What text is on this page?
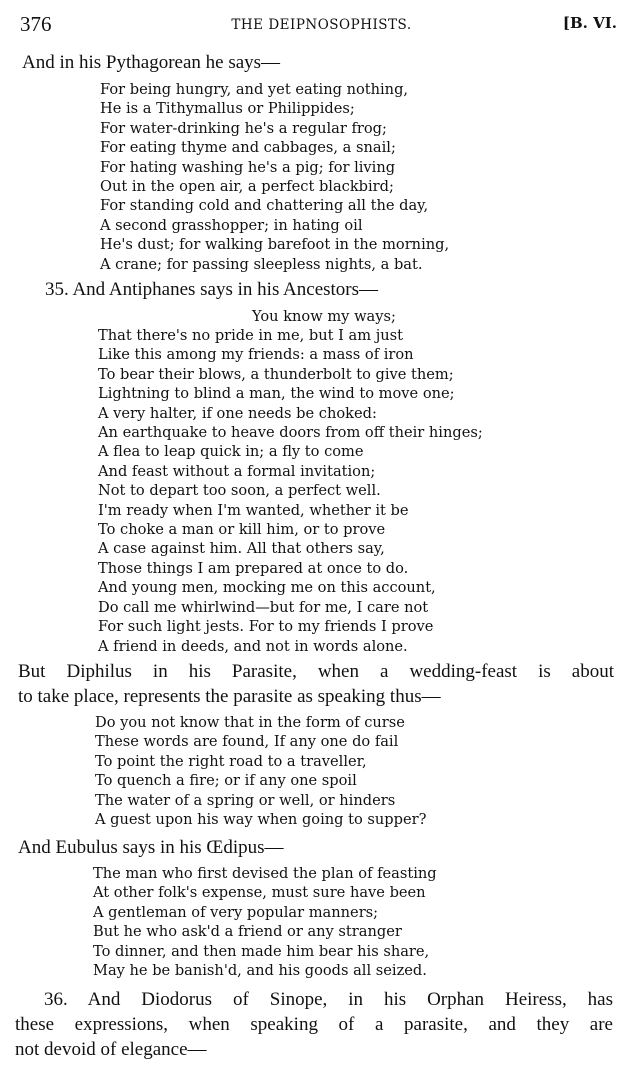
376	THE DEIPNOSOPHISTS.	[B. VI.
And in his Pythagorean he says—
For being hungry, and yet eating nothing,
He is a Tithymallus or Philippides;
For water-drinking he's a regular frog;
For eating thyme and cabbages, a snail;
For hating washing he's a pig; for living
Out in the open air, a perfect blackbird;
For standing cold and chattering all the day,
A second grasshopper; in hating oil
He's dust; for walking barefoot in the morning,
A crane; for passing sleepless nights, a bat.
35. And Antiphanes says in his Ancestors—
You know my ways;
That there's no pride in me, but I am just
Like this among my friends: a mass of iron
To bear their blows, a thunderbolt to give them;
Lightning to blind a man, the wind to move one;
A very halter, if one needs be choked:
An earthquake to heave doors from off their hinges;
A flea to leap quick in; a fly to come
And feast without a formal invitation;
Not to depart too soon, a perfect well.
I'm ready when I'm wanted, whether it be
To choke a man or kill him, or to prove
A case against him. All that others say,
Those things I am prepared at once to do.
And young men, mocking me on this account,
Do call me whirlwind—but for me, I care not
For such light jests. For to my friends I prove
A friend in deeds, and not in words alone.
But Diphilus in his Parasite, when a wedding-feast is about
to take place, represents the parasite as speaking thus—
Do you not know that in the form of curse
These words are found, If any one do fail
To point the right road to a traveller,
To quench a fire; or if any one spoil
The water of a spring or well, or hinders
A guest upon his way when going to supper?
And Eubulus says in his Œdipus—
The man who first devised the plan of feasting
At other folk's expense, must sure have been
A gentleman of very popular manners;
But he who ask'd a friend or any stranger
To dinner, and then made him bear his share,
May he be banish'd, and his goods all seized.
36. And Diodorus of Sinope, in his Orphan Heiress, has
these expressions, when speaking of a parasite, and they are
not devoid of elegance—
